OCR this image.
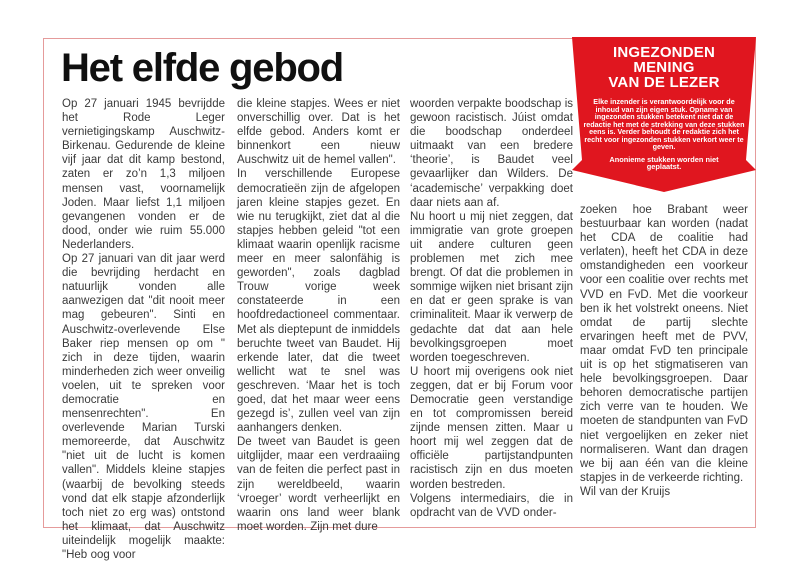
Het elfde gebod

Op 27 januari 1945 bevrijdde het Rode Leger vernietigingskamp Auschwitz-Birkenau. Gedurende de kleine vijf jaar dat dit kamp bestond, zaten er zo’n 1,3 miljoen mensen vast, voornamelijk Joden. Maar liefst 1,1 miljoen gevangenen vonden er de dood, onder wie ruim 55.000 Nederlanders.

Op 27 januari van dit jaar werd die bevrijding herdacht en natuurlijk vonden alle aanwezigen dat "dit nooit meer mag gebeuren". Sinti en Auschwitz-overlevende Else Baker riep mensen op om " zich in deze tijden, waarin minderheden zich weer onveilig voelen, uit te spreken voor democratie en mensenrechten". En overlevende Marian Turski memoreerde, dat Auschwitz "niet uit de lucht is komen vallen". Middels kleine stapjes (waarbij de bevolking steeds vond dat elk stapje afzonderlijk toch niet zo erg was) ontstond het klimaat, dat Auschwitz uiteindelijk mogelijk maakte: "Heb oog voor

die kleine stapjes. Wees er niet onverschillig over. Dat is het elfde gebod. Anders komt er binnenkort een nieuw Auschwitz uit de hemel vallen".

In verschillende Europese democratieën zijn de afgelopen jaren kleine stapjes gezet. En wie nu terugkijkt, ziet dat al die stapjes hebben geleid "tot een klimaat waarin openlijk racisme meer en meer salonfähig is geworden", zoals dagblad Trouw vorige week constateerde in een hoofdredactioneel commentaar. Met als dieptepunt de inmiddels beruchte tweet van Baudet. Hij erkende later, dat die tweet wellicht wat te snel was geschreven. ‘Maar het is toch goed, dat het maar weer eens gezegd is’, zullen veel van zijn aanhangers denken.

De tweet van Baudet is geen uitglijder, maar een verdraaiing van de feiten die perfect past in zijn wereldbeeld, waarin ‘vroeger’ wordt verheerlijkt en waarin ons land weer blank moet worden. Zijn met dure

woorden verpakte boodschap is gewoon racistisch. Júist omdat die boodschap onderdeel uitmaakt van een bredere ‘theorie’, is Baudet veel gevaarlijker dan Wilders. De ‘academische’ verpakking doet daar niets aan af.

Nu hoort u mij niet zeggen, dat immigratie van grote groepen uit andere culturen geen problemen met zich mee brengt. Of dat die problemen in sommige wijken niet brisant zijn en dat er geen sprake is van criminaliteit. Maar ik verwerp de gedachte dat dat aan hele bevolkingsgroepen moet worden toegeschreven.

U hoort mij overigens ook niet zeggen, dat er bij Forum voor Democratie geen verstandige en tot compromissen bereid zijnde mensen zitten. Maar u hoort mij wel zeggen dat de officiële partijstandpunten racistisch zijn en dus moeten worden bestreden.

Volgens intermediairs, die in opdracht van de VVD onder-

zoeken hoe Brabant weer bestuurbaar kan worden (nadat het CDA de coalitie had verlaten), heeft het CDA in deze omstandigheden een voorkeur voor een coalitie over rechts met VVD en FvD. Met die voorkeur ben ik het volstrekt oneens. Niet omdat de partij slechte ervaringen heeft met de PVV, maar omdat FvD ten principale uit is op het stigmatiseren van hele bevolkingsgroepen. Daar behoren democratische partijen zich verre van te houden. We moeten de standpunten van FvD niet vergoelijken en zeker niet normaliseren. Want dan dragen we bij aan één van die kleine stapjes in de verkeerde richting.

Wil van der Kruijs

INGEZONDEN
MENING
VAN DE LEZER

Elke inzender is verantwoordelijk voor de inhoud van zijn eigen stuk. Opname van ingezonden stukken betekent niet dat de redactie het met de strekking van deze stukken eens is. Verder behoudt de redaktie zich het recht voor ingezonden stukken verkort weer te geven.

Anonieme stukken worden niet geplaatst.
